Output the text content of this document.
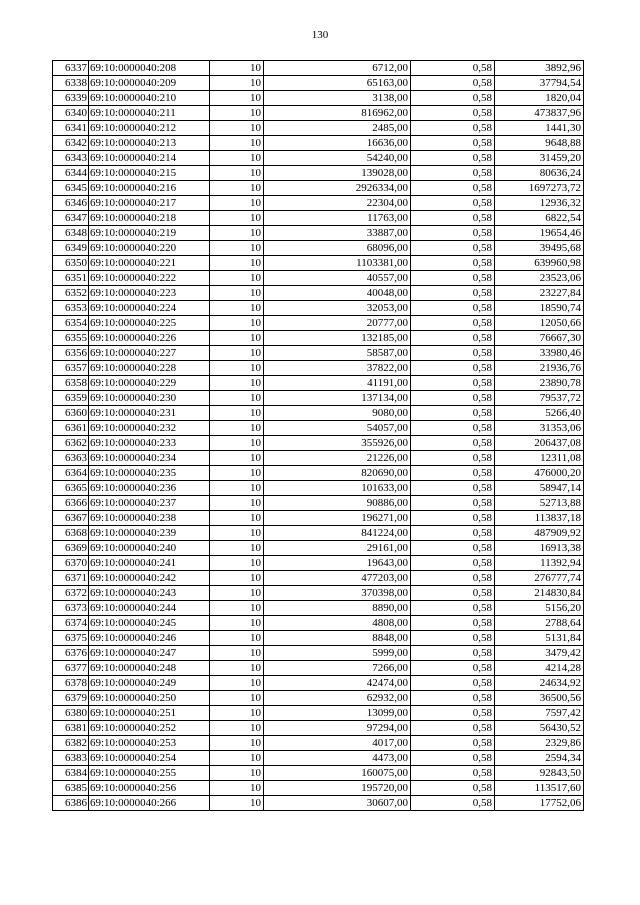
130
6337	69:10:0000040:208	10	6712,00	0,58	3892,96
6338	69:10:0000040:209	10	65163,00	0,58	37794,54
6339	69:10:0000040:210	10	3138,00	0,58	1820,04
6340	69:10:0000040:211	10	816962,00	0,58	473837,96
6341	69:10:0000040:212	10	2485,00	0,58	1441,30
6342	69:10:0000040:213	10	16636,00	0,58	9648,88
6343	69:10:0000040:214	10	54240,00	0,58	31459,20
6344	69:10:0000040:215	10	139028,00	0,58	80636,24
6345	69:10:0000040:216	10	2926334,00	0,58	1697273,72
6346	69:10:0000040:217	10	22304,00	0,58	12936,32
6347	69:10:0000040:218	10	11763,00	0,58	6822,54
6348	69:10:0000040:219	10	33887,00	0,58	19654,46
6349	69:10:0000040:220	10	68096,00	0,58	39495,68
6350	69:10:0000040:221	10	1103381,00	0,58	639960,98
6351	69:10:0000040:222	10	40557,00	0,58	23523,06
6352	69:10:0000040:223	10	40048,00	0,58	23227,84
6353	69:10:0000040:224	10	32053,00	0,58	18590,74
6354	69:10:0000040:225	10	20777,00	0,58	12050,66
6355	69:10:0000040:226	10	132185,00	0,58	76667,30
6356	69:10:0000040:227	10	58587,00	0,58	33980,46
6357	69:10:0000040:228	10	37822,00	0,58	21936,76
6358	69:10:0000040:229	10	41191,00	0,58	23890,78
6359	69:10:0000040:230	10	137134,00	0,58	79537,72
6360	69:10:0000040:231	10	9080,00	0,58	5266,40
6361	69:10:0000040:232	10	54057,00	0,58	31353,06
6362	69:10:0000040:233	10	355926,00	0,58	206437,08
6363	69:10:0000040:234	10	21226,00	0,58	12311,08
6364	69:10:0000040:235	10	820690,00	0,58	476000,20
6365	69:10:0000040:236	10	101633,00	0,58	58947,14
6366	69:10:0000040:237	10	90886,00	0,58	52713,88
6367	69:10:0000040:238	10	196271,00	0,58	113837,18
6368	69:10:0000040:239	10	841224,00	0,58	487909,92
6369	69:10:0000040:240	10	29161,00	0,58	16913,38
6370	69:10:0000040:241	10	19643,00	0,58	11392,94
6371	69:10:0000040:242	10	477203,00	0,58	276777,74
6372	69:10:0000040:243	10	370398,00	0,58	214830,84
6373	69:10:0000040:244	10	8890,00	0,58	5156,20
6374	69:10:0000040:245	10	4808,00	0,58	2788,64
6375	69:10:0000040:246	10	8848,00	0,58	5131,84
6376	69:10:0000040:247	10	5999,00	0,58	3479,42
6377	69:10:0000040:248	10	7266,00	0,58	4214,28
6378	69:10:0000040:249	10	42474,00	0,58	24634,92
6379	69:10:0000040:250	10	62932,00	0,58	36500,56
6380	69:10:0000040:251	10	13099,00	0,58	7597,42
6381	69:10:0000040:252	10	97294,00	0,58	56430,52
6382	69:10:0000040:253	10	4017,00	0,58	2329,86
6383	69:10:0000040:254	10	4473,00	0,58	2594,34
6384	69:10:0000040:255	10	160075,00	0,58	92843,50
6385	69:10:0000040:256	10	195720,00	0,58	113517,60
6386	69:10:0000040:266	10	30607,00	0,58	17752,06
